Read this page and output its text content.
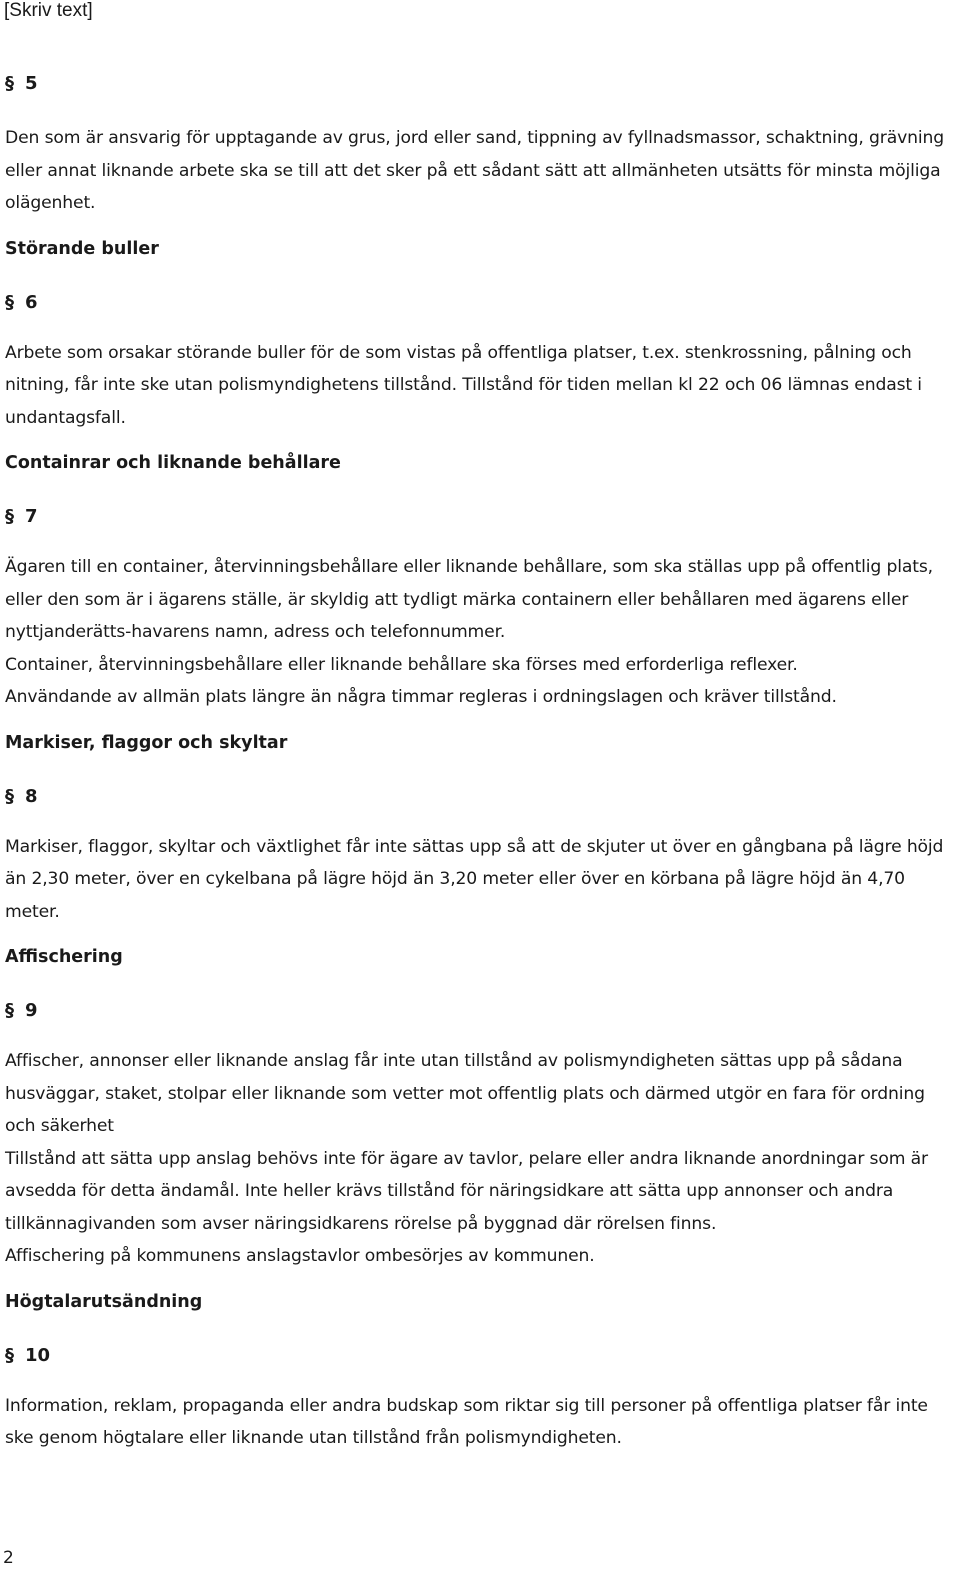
[Skriv text]

§ 5

Den som är ansvarig för upptagande av grus, jord eller sand, tippning av fyllnadsmassor, schaktning, grävning eller annat liknande arbete ska se till att det sker på ett sådant sätt att allmänheten utsätts för minsta möjliga olägenhet.

Störande buller

§ 6

Arbete som orsakar störande buller för de som vistas på offentliga platser, t.ex. stenkrossning, pålning och nitning, får inte ske utan polismyndighetens tillstånd. Tillstånd för tiden mellan kl 22 och 06 lämnas endast i undantagsfall.

Containrar och liknande behållare

§ 7

Ägaren till en container, återvinningsbehållare eller liknande behållare, som ska ställas upp på offentlig plats, eller den som är i ägarens ställe, är skyldig att tydligt märka containern eller behållaren med ägarens eller nyttjanderätts-havarens namn, adress och telefonnummer.

Container, återvinningsbehållare eller liknande behållare ska förses med erforderliga reflexer.

Användande av allmän plats längre än några timmar regleras i ordningslagen och kräver tillstånd.

Markiser, flaggor och skyltar

§ 8

Markiser, flaggor, skyltar och växtlighet får inte sättas upp så att de skjuter ut över en gångbana på lägre höjd än 2,30 meter, över en cykelbana på lägre höjd än 3,20 meter eller över en körbana på lägre höjd än 4,70 meter.

Affischering

§ 9

Affischer, annonser eller liknande anslag får inte utan tillstånd av polismyndigheten sättas upp på sådana husväggar, staket, stolpar eller liknande som vetter mot offentlig plats och därmed utgör en fara för ordning och säkerhet

Tillstånd att sätta upp anslag behövs inte för ägare av tavlor, pelare eller andra liknande anordningar som är avsedda för detta ändamål. Inte heller krävs tillstånd för näringsidkare att sätta upp annonser och andra tillkännagivanden som avser näringsidkarens rörelse på byggnad där rörelsen finns.

Affischering på kommunens anslagstavlor ombesörjes av kommunen.

Högtalarutsändning

§ 10

Information, reklam, propaganda eller andra budskap som riktar sig till personer på offentliga platser får inte ske genom högtalare eller liknande utan tillstånd från polismyndigheten.

2
